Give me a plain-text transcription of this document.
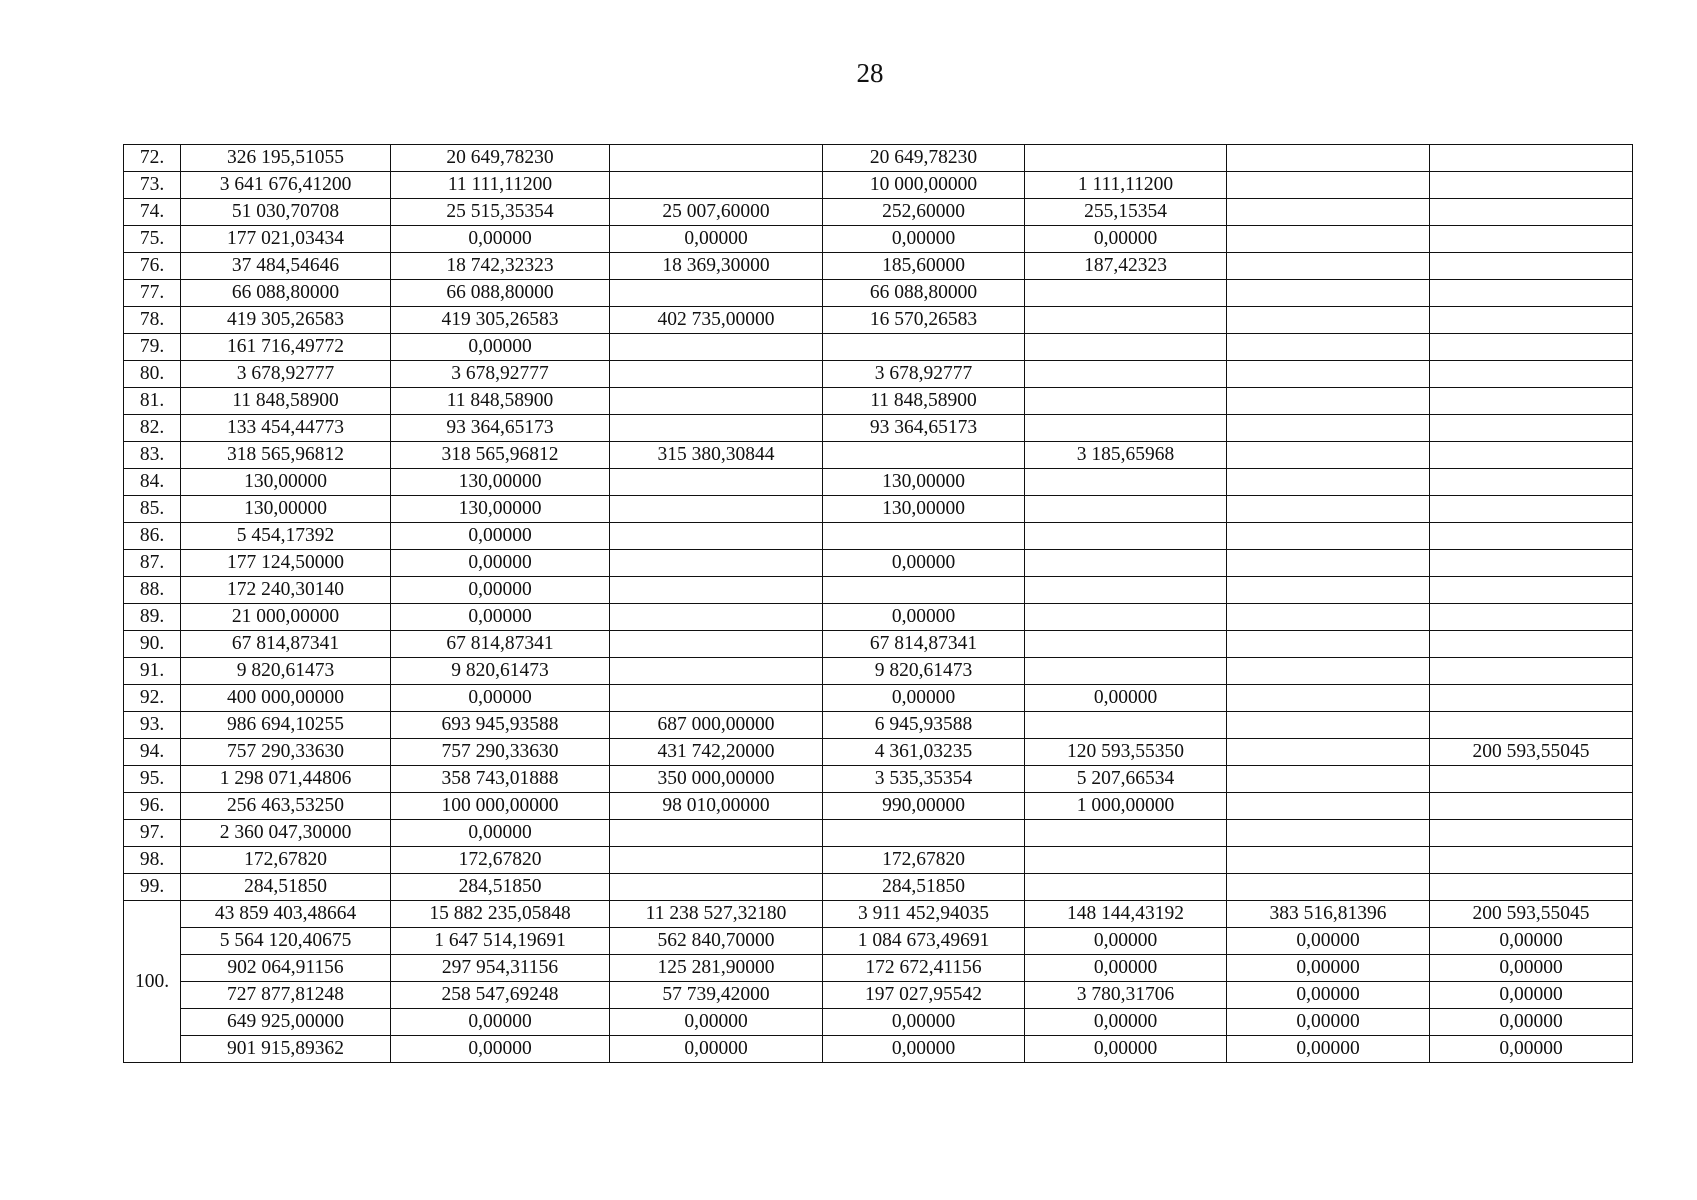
28
72.	326 195,51055	20 649,78230		20 649,78230			
73.	3 641 676,41200	11 111,11200		10 000,00000	1 111,11200		
74.	51 030,70708	25 515,35354	25 007,60000	252,60000	255,15354		
75.	177 021,03434	0,00000	0,00000	0,00000	0,00000		
76.	37 484,54646	18 742,32323	18 369,30000	185,60000	187,42323		
77.	66 088,80000	66 088,80000		66 088,80000			
78.	419 305,26583	419 305,26583	402 735,00000	16 570,26583			
79.	161 716,49772	0,00000					
80.	3 678,92777	3 678,92777		3 678,92777			
81.	11 848,58900	11 848,58900		11 848,58900			
82.	133 454,44773	93 364,65173		93 364,65173			
83.	318 565,96812	318 565,96812	315 380,30844		3 185,65968		
84.	130,00000	130,00000		130,00000			
85.	130,00000	130,00000		130,00000			
86.	5 454,17392	0,00000					
87.	177 124,50000	0,00000		0,00000			
88.	172 240,30140	0,00000					
89.	21 000,00000	0,00000		0,00000			
90.	67 814,87341	67 814,87341		67 814,87341			
91.	9 820,61473	9 820,61473		9 820,61473			
92.	400 000,00000	0,00000		0,00000	0,00000		
93.	986 694,10255	693 945,93588	687 000,00000	6 945,93588			
94.	757 290,33630	757 290,33630	431 742,20000	4 361,03235	120 593,55350		200 593,55045
95.	1 298 071,44806	358 743,01888	350 000,00000	3 535,35354	5 207,66534		
96.	256 463,53250	100 000,00000	98 010,00000	990,00000	1 000,00000		
97.	2 360 047,30000	0,00000					
98.	172,67820	172,67820		172,67820			
99.	284,51850	284,51850		284,51850			
100.	43 859 403,48664	15 882 235,05848	11 238 527,32180	3 911 452,94035	148 144,43192	383 516,81396	200 593,55045
	5 564 120,40675	1 647 514,19691	562 840,70000	1 084 673,49691	0,00000	0,00000	0,00000
	902 064,91156	297 954,31156	125 281,90000	172 672,41156	0,00000	0,00000	0,00000
	727 877,81248	258 547,69248	57 739,42000	197 027,95542	3 780,31706	0,00000	0,00000
	649 925,00000	0,00000	0,00000	0,00000	0,00000	0,00000	0,00000
	901 915,89362	0,00000	0,00000	0,00000	0,00000	0,00000	0,00000
